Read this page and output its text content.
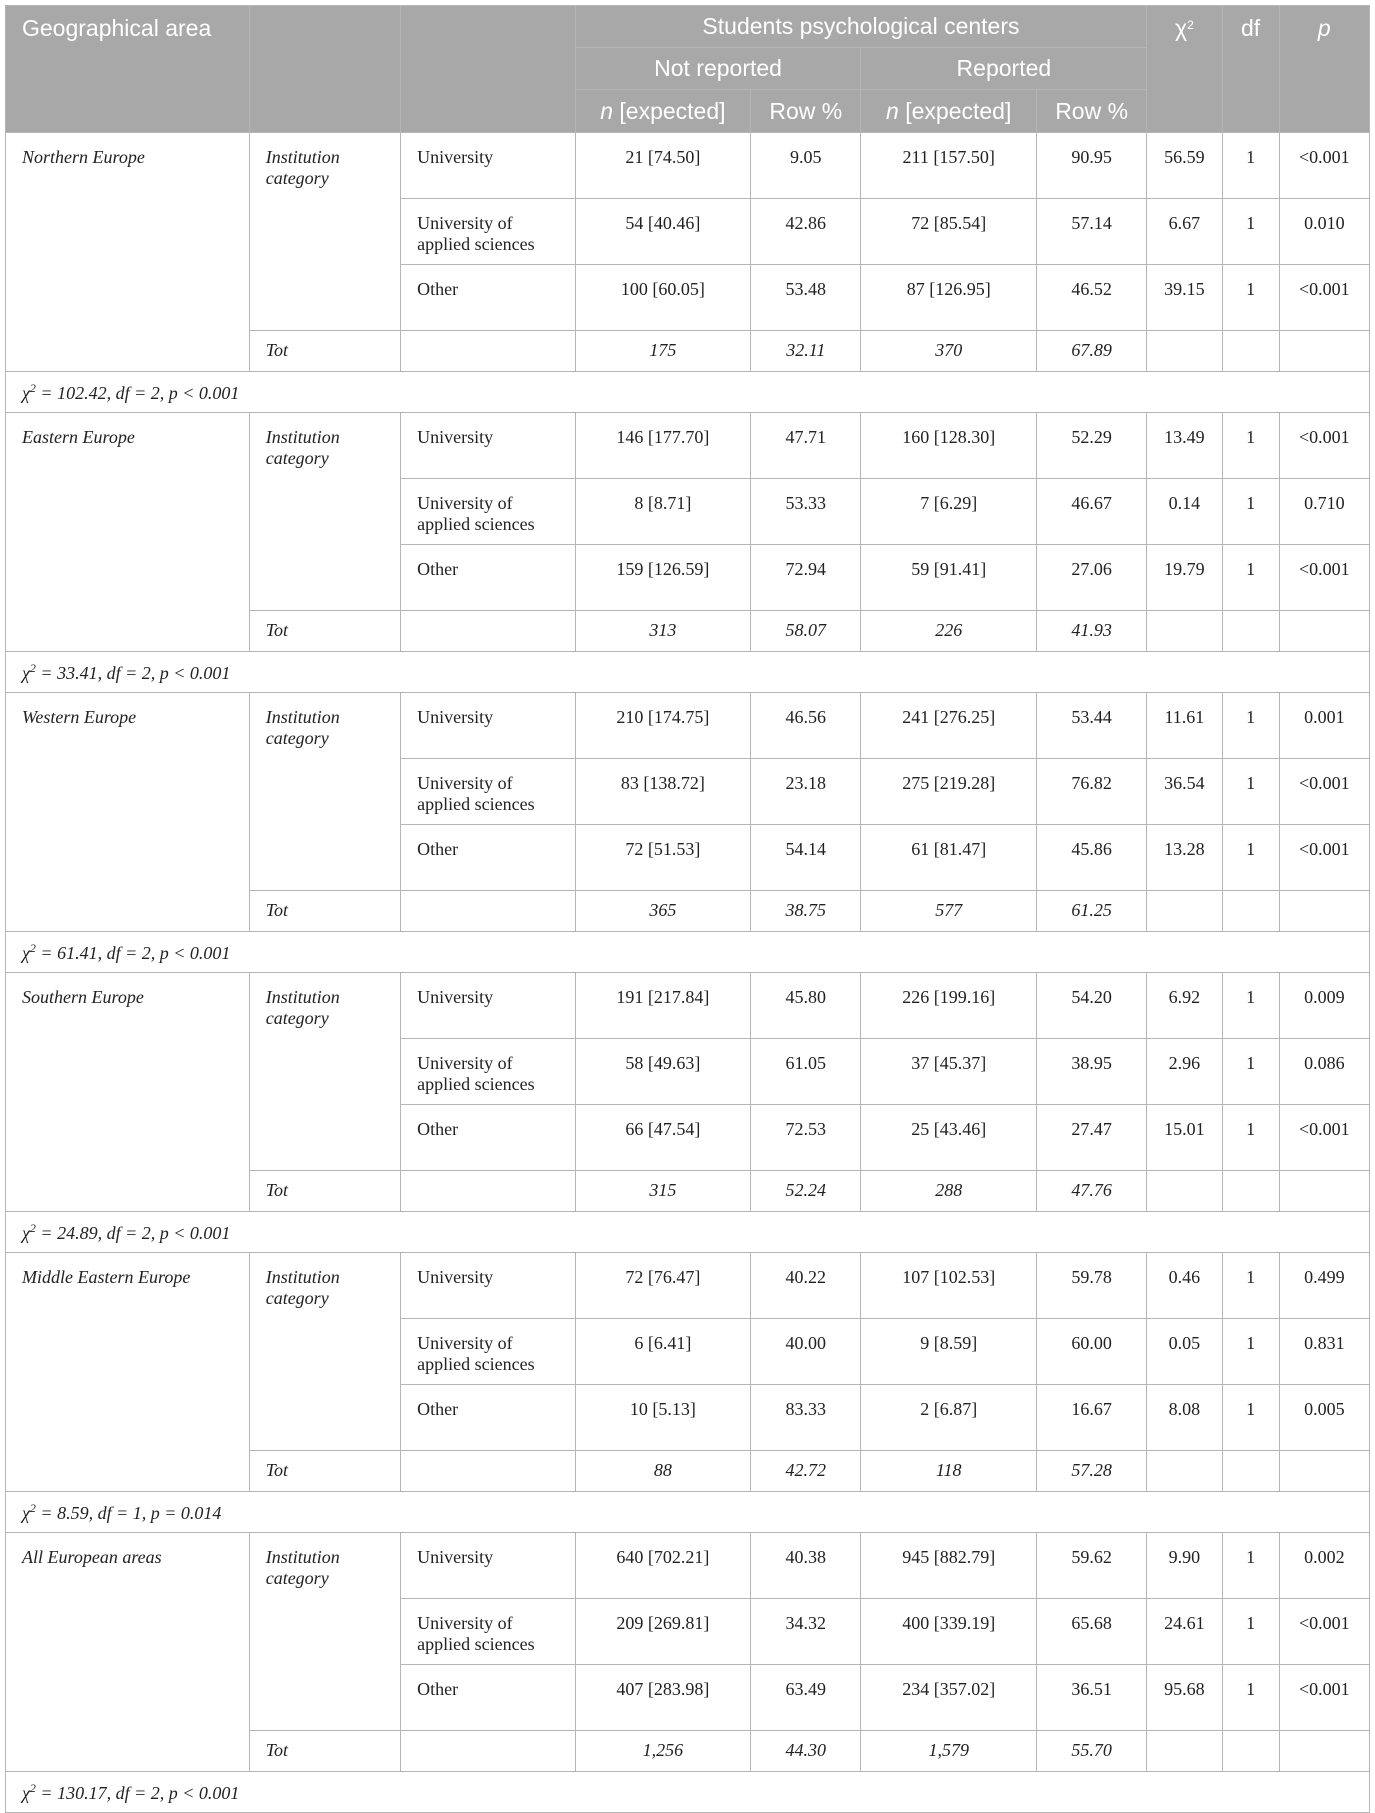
Geographical area			Students psychological centers				$\chi^2$	df	p
			Not reported		Reported				
			n [expected]	Row %	n [expected]	Row %			
Northern Europe	Institution category	University	21 [74.50]	9.05	211 [157.50]	90.95	56.59	1	<0.001
		University of applied sciences	54 [40.46]	42.86	72 [85.54]	57.14	6.67	1	0.010
		Other	100 [60.05]	53.48	87 [126.95]	46.52	39.15	1	<0.001
	Tot		175	32.11	370	67.89			
$\chi^2 = 102.42$, df = 2, p < 0.001									
Eastern Europe	Institution category	University	146 [177.70]	47.71	160 [128.30]	52.29	13.49	1	<0.001
		University of applied sciences	8 [8.71]	53.33	7 [6.29]	46.67	0.14	1	0.710
		Other	159 [126.59]	72.94	59 [91.41]	27.06	19.79	1	<0.001
	Tot		313	58.07	226	41.93			
$\chi^2 = 33.41$, df = 2, p < 0.001									
Western Europe	Institution category	University	210 [174.75]	46.56	241 [276.25]	53.44	11.61	1	0.001
		University of applied sciences	83 [138.72]	23.18	275 [219.28]	76.82	36.54	1	<0.001
		Other	72 [51.53]	54.14	61 [81.47]	45.86	13.28	1	<0.001
	Tot		365	38.75	577	61.25			
$\chi^2 = 61.41$, df = 2, p < 0.001									
Southern Europe	Institution category	University	191 [217.84]	45.80	226 [199.16]	54.20	6.92	1	0.009
		University of applied sciences	58 [49.63]	61.05	37 [45.37]	38.95	2.96	1	0.086
		Other	66 [47.54]	72.53	25 [43.46]	27.47	15.01	1	<0.001
	Tot		315	52.24	288	47.76			
$\chi^2 = 24.89$, df = 2, p < 0.001									
Middle Eastern Europe	Institution category	University	72 [76.47]	40.22	107 [102.53]	59.78	0.46	1	0.499
		University of applied sciences	6 [6.41]	40.00	9 [8.59]	60.00	0.05	1	0.831
		Other	10 [5.13]	83.33	2 [6.87]	16.67	8.08	1	0.005
	Tot		88	42.72	118	57.28			
$\chi^2 = 8.59$, df = 1, p = 0.014									
All European areas	Institution category	University	640 [702.21]	40.38	945 [882.79]	59.62	9.90	1	0.002
		University of applied sciences	209 [269.81]	34.32	400 [339.19]	65.68	24.61	1	<0.001
		Other	407 [283.98]	63.49	234 [357.02]	36.51	95.68	1	<0.001
	Tot		1,256	44.30	1,579	55.70			
$\chi^2 = 130.17$, df = 2, p < 0.001									
